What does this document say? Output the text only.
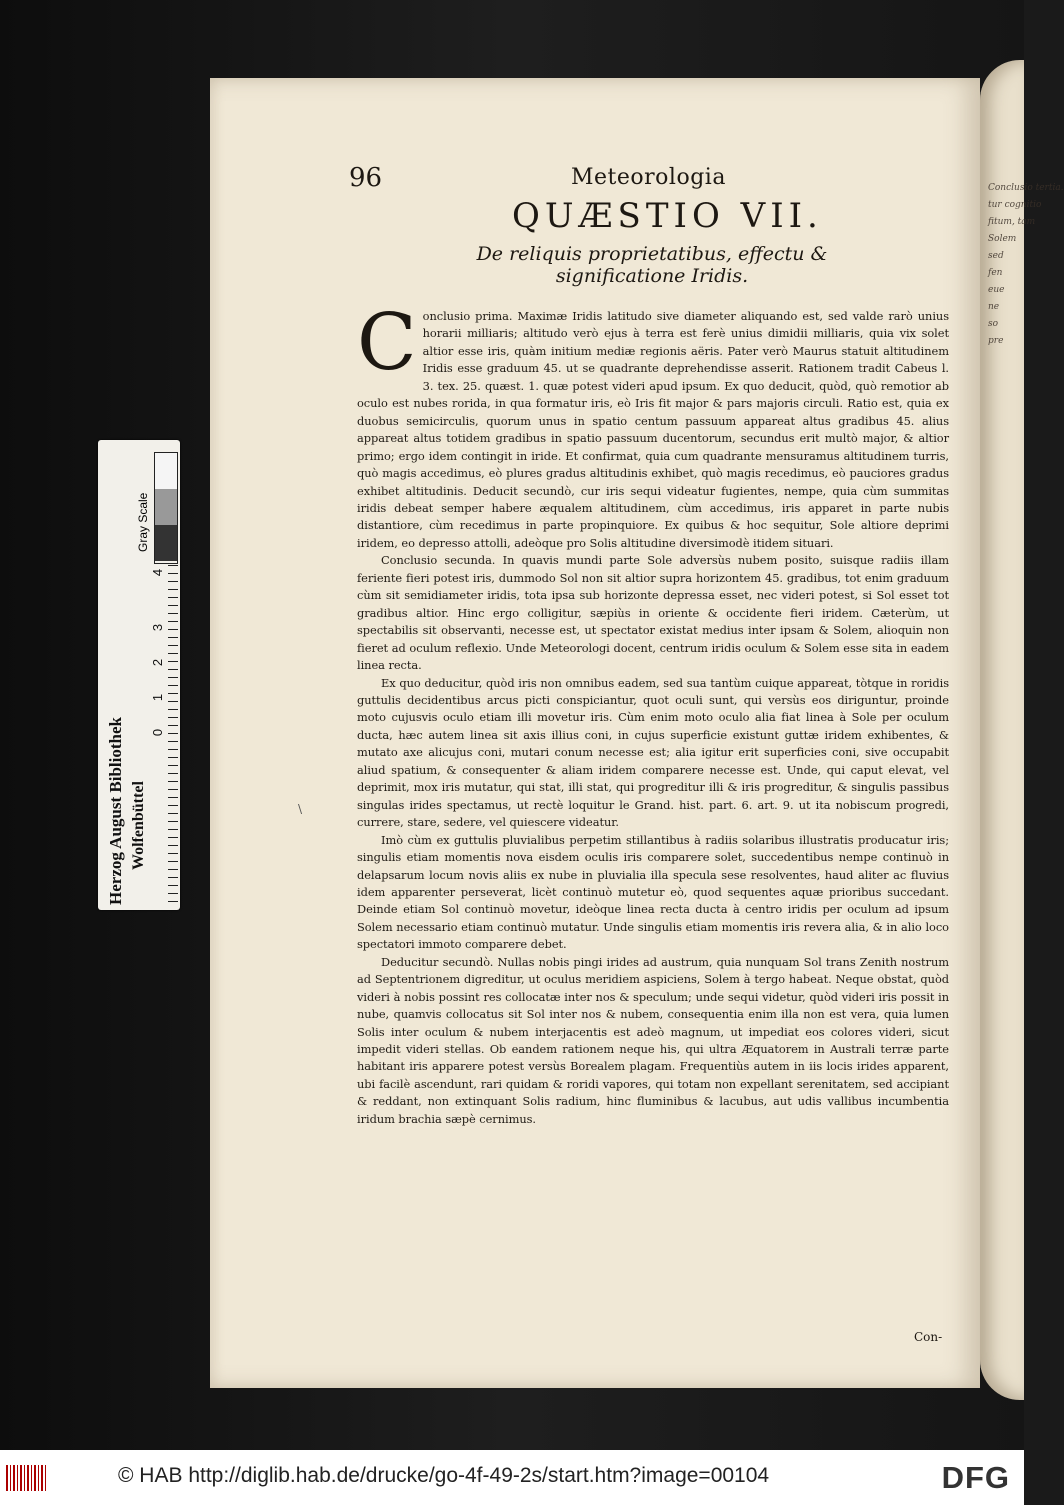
Gray Scale
0
1
2
3
4
Herzog August Bibliothek Wolfenbüttel
Conclusio tertia.
tur cognitio
fitum, tam
Solem
sed
fen
eue
ne
so
pre
96	Meteorologia
QUÆSTIO VII.
De reliquis proprietatibus, effectu & significatione Iridis.
\

Conclusio prima. Maximæ Iridis latitudo sive diameter aliquando est, sed valde rarò unius horarii milliaris; altitudo verò ejus à terra est ferè unius dimidii milliaris, quia vix solet altior esse iris, quàm initium mediæ regionis aëris. Pater verò Maurus statuit altitudinem Iridis esse graduum 45. ut se quadrante deprehendisse asserit. Rationem tradit Cabeus l. 3. tex. 25. quæst. 1. quæ potest videri apud ipsum. Ex quo deducit, quòd, quò remotior ab oculo est nubes rorida, in qua formatur iris, eò Iris fit major & pars majoris circuli. Ratio est, quia ex duobus semicirculis, quorum unus in spatio centum passuum appareat altus gradibus 45. alius appareat altus totidem gradibus in spatio passuum ducentorum, secundus erit multò major, & altior primo; ergo idem contingit in iride. Et confirmat, quia cum quadrante mensuramus altitudinem turris, quò magis accedimus, eò plures gradus altitudinis exhibet, quò magis recedimus, eò pauciores gradus exhibet altitudinis. Deducit secundò, cur iris sequi videatur fugientes, nempe, quia cùm summitas iridis debeat semper habere æqualem altitudinem, cùm accedimus, iris apparet in parte nubis distantiore, cùm recedimus in parte propinquiore. Ex quibus & hoc sequitur, Sole altiore deprimi iridem, eo depresso attolli, adeòque pro Solis altitudine diversimodè itidem situari.

Conclusio secunda. In quavis mundi parte Sole adversùs nubem posito, suisque radiis illam feriente fieri potest iris, dummodo Sol non sit altior supra horizontem 45. gradibus, tot enim graduum cùm sit semidiameter iridis, tota ipsa sub horizonte depressa esset, nec videri potest, si Sol esset tot gradibus altior. Hinc ergo colligitur, sæpiùs in oriente & occidente fieri iridem. Cæterùm, ut spectabilis sit observanti, necesse est, ut spectator existat medius inter ipsam & Solem, alioquin non fieret ad oculum reflexio. Unde Meteorologi docent, centrum iridis oculum & Solem esse sita in eadem linea recta.

Ex quo deducitur, quòd iris non omnibus eadem, sed sua tantùm cuique appareat, tòtque in roridis guttulis decidentibus arcus picti conspiciantur, quot oculi sunt, qui versùs eos diriguntur, proinde moto cujusvis oculo etiam illi movetur iris. Cùm enim moto oculo alia fiat linea à Sole per oculum ducta, hæc autem linea sit axis illius coni, in cujus superficie existunt guttæ iridem exhibentes, & mutato axe alicujus coni, mutari conum necesse est; alia igitur erit superficies coni, sive occupabit aliud spatium, & consequenter & aliam iridem comparere necesse est. Unde, qui caput elevat, vel deprimit, mox iris mutatur, qui stat, illi stat, qui progreditur illi & iris progreditur, & singulis passibus singulas irides spectamus, ut rectè loquitur le Grand. hist. part. 6. art. 9. ut ita nobiscum progredi, currere, stare, sedere, vel quiescere videatur.

Imò cùm ex guttulis pluvialibus perpetim stillantibus à radiis solaribus illustratis producatur iris; singulis etiam momentis nova eisdem oculis iris comparere solet, succedentibus nempe continuò in delapsarum locum novis aliis ex nube in pluvialia illa specula sese resolventes, haud aliter ac fluvius idem apparenter perseverat, licèt continuò mutetur eò, quod sequentes aquæ prioribus succedant. Deinde etiam Sol continuò movetur, ideòque linea recta ducta à centro iridis per oculum ad ipsum Solem necessario etiam continuò mutatur. Unde singulis etiam momentis iris revera alia, & in alio loco spectatori immoto comparere debet.

Deducitur secundò. Nullas nobis pingi irides ad austrum, quia nunquam Sol trans Zenith nostrum ad Septentrionem digreditur, ut oculus meridiem aspiciens, Solem à tergo habeat. Neque obstat, quòd videri à nobis possint res collocatæ inter nos & speculum; unde sequi videtur, quòd videri iris possit in nube, quamvis collocatus sit Sol inter nos & nubem, consequentia enim illa non est vera, quia lumen Solis inter oculum & nubem interjacentis est adeò magnum, ut impediat eos colores videri, sicut impedit videri stellas. Ob eandem rationem neque his, qui ultra Æquatorem in Australi terræ parte habitant iris apparere potest versùs Borealem plagam. Frequentiùs autem in iis locis irides apparent, ubi facilè ascendunt, rari quidam & roridi vapores, qui totam non expellant serenitatem, sed accipiant & reddant, non extinquant Solis radium, hinc fluminibus & lacubus, aut udis vallibus incumbentia iridum brachia sæpè cernimus.

Con-
© HAB http://diglib.hab.de/drucke/go-4f-49-2s/start.htm?image=00104	DFG
